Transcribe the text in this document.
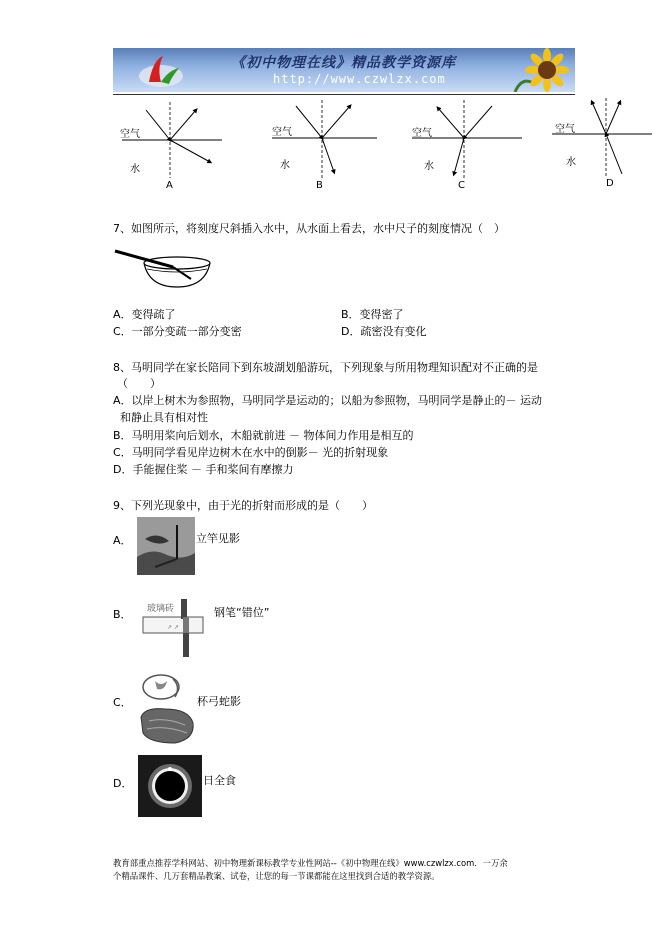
《初中物理在线》精品教学资源库
http://www.czwlzx.com
空气
水
空气
水
空气
水
空气
水
A	B	C	D
7、如图所示，将刻度尺斜插入水中，从水面上看去，水中尺子的刻度情况（　）
A．变得疏了	B．变得密了
C．一部分变疏一部分变密	D．疏密没有变化
8、马明同学在家长陪同下到东坡湖划船游玩，下列现象与所用物理知识配对不正确的是
（　　）
A．以岸上树木为参照物，马明同学是运动的；以船为参照物，马明同学是静止的－ 运动
和静止具有相对性
B．马明用桨向后划水，木船就前进 － 物体间力作用是相互的
C．马明同学看见岸边树木在水中的倒影－ 光的折射现象
D．手能握住桨 － 手和桨间有摩擦力
9、下列光现象中，由于光的折射而形成的是（　　）
A．	立竿见影
B．
↗ ↗
玻璃砖	钢笔“错位”
C．	杯弓蛇影
D．	日全食
教育部重点推荐学科网站、初中物理新课标教学专业性网站--《初中物理在线》www.czwlzx.com．一万余
个精品课件、几万套精品教案、试卷，让您的每一节课都能在这里找到合适的教学资源。
